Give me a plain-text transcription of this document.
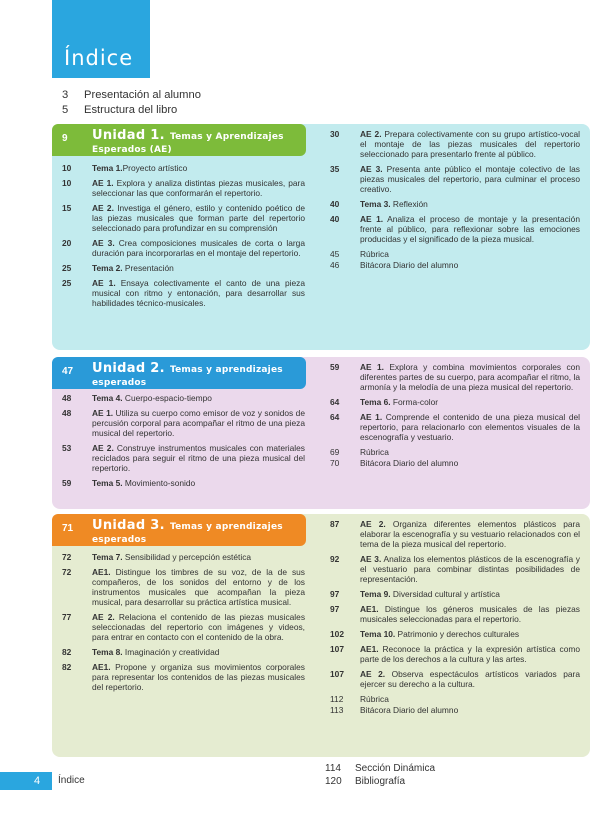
Índice
3	Presentación al alumno
5	Estructura del libro
9 Unidad 1. Temas y Aprendizajes
Esperados (AE)
47 Unidad 2. Temas y aprendizajes
esperados
71 Unidad 3. Temas y aprendizajes
esperados
10	Tema 1.Proyecto artístico
10	AE 1. Explora y analiza distintas piezas musicales, para seleccionar las que conformarán el repertorio.
15	AE 2. Investiga el género, estilo y contenido poético de las piezas musicales que forman parte del repertorio seleccionado para profundizar en su comprensión
20	AE 3. Crea composiciones musicales de corta o larga duración para incorporarlas en el montaje del repertorio.
25	Tema 2. Presentación
25	AE 1. Ensaya colectivamente el canto de una pieza musical con ritmo y entonación, para desarrollar sus habilidades técnico-musicales.
30	AE 2. Prepara colectivamente con su grupo artístico-vocal el montaje de las piezas musicales del repertorio seleccionado para presentarlo frente al público.
35	AE 3. Presenta ante público el montaje colectivo de las piezas musicales del repertorio, para culminar el proceso creativo.
40	Tema 3. Reflexión
40	AE 1. Analiza el proceso de montaje y la presentación frente al público, para reflexionar sobre las emociones producidas y el significado de la pieza musical.
45	Rúbrica
46	Bitácora Diario del alumno
48	Tema 4. Cuerpo-espacio-tiempo
48	AE 1. Utiliza su cuerpo como emisor de voz y sonidos de percusión corporal para acompañar el ritmo de una pieza musical del repertorio.
53	AE 2. Construye instrumentos musicales con materiales reciclados para seguir el ritmo de una pieza musical del repertorio.
59	Tema 5. Movimiento-sonido
59	AE 1. Explora y combina movimientos corporales con diferentes partes de su cuerpo, para acompañar el ritmo, la armonía y la melodía de una pieza musical del repertorio.
64	Tema 6. Forma-color
64	AE 1. Comprende el contenido de una pieza musical del repertorio, para relacionarlo con elementos visuales de la escenografía y vestuario.
69	Rúbrica
70	Bitácora Diario del alumno
72	Tema 7. Sensibilidad y percepción estética
72	AE1. Distingue los timbres de su voz, de la de sus compañeros, de los sonidos del entorno y de los instrumentos musicales que acompañan la pieza musical, para desarrollar su práctica artística musical.
77	AE 2. Relaciona el contenido de las piezas musicales seleccionadas del repertorio con imágenes y videos, para entrar en contacto con el contenido de la obra.
82	Tema 8. Imaginación y creatividad
82	AE1. Propone y organiza sus movimientos corporales para representar los contenidos de las piezas musicales del repertorio.
87	AE 2. Organiza diferentes elementos plásticos para elaborar la escenografía y su vestuario relacionados con el tema de la pieza musical del repertorio.
92	AE 3. Analiza los elementos plásticos de la escenografía y el vestuario para combinar distintas posibilidades de representación.
97	Tema 9. Diversidad cultural y artística
97	AE1. Distingue los géneros musicales de las piezas musicales seleccionadas para el repertorio.
102	Tema 10. Patrimonio y derechos culturales
107	AE1. Reconoce la práctica y la expresión artística como parte de los derechos a la cultura y las artes.
107	AE 2. Observa espectáculos artísticos variados para ejercer su derecho a la cultura.
112	Rúbrica
113	Bitácora Diario del alumno
114	Sección Dinámica
120	Bibliografía
4	Índice
